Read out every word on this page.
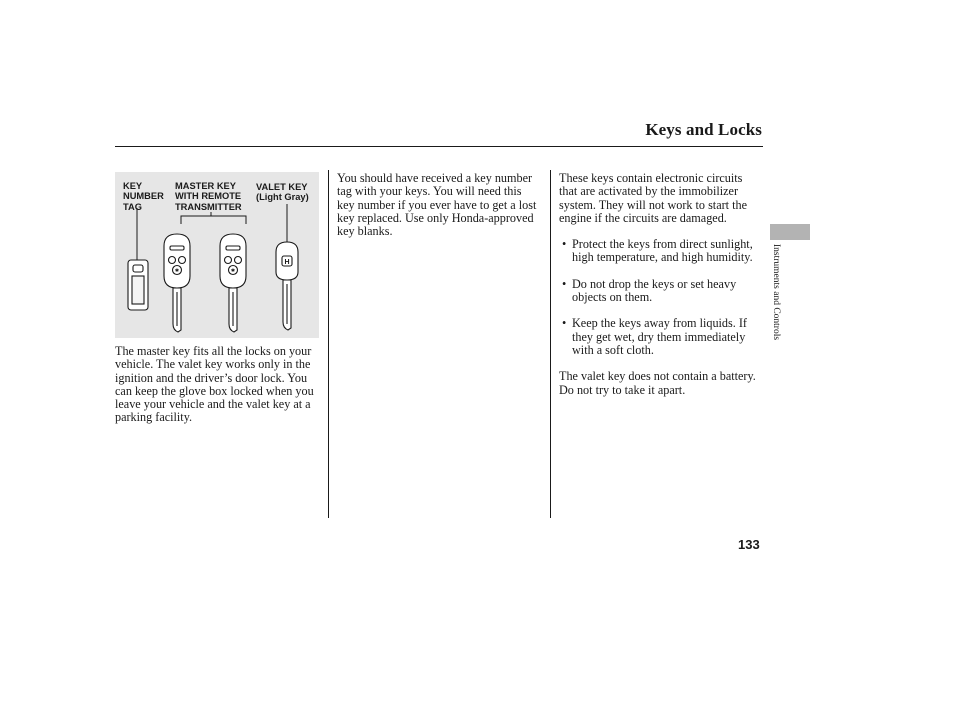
Keys and Locks
KEY
NUMBER
TAG
MASTER KEY
WITH REMOTE
TRANSMITTER
VALET KEY
(Light Gray)
✱	✱
H

The master key fits all the locks on your vehicle. The valet key works only in the ignition and the driver’s door lock. You can keep the glove box locked when you leave your vehicle and the valet key at a parking facility.

You should have received a key number tag with your keys. You will need this key number if you ever have to get a lost key replaced. Use only Honda-approved key blanks.

These keys contain electronic circuits that are activated by the immobilizer system. They will not work to start the engine if the circuits are damaged.

• Protect the keys from direct sunlight, high temperature, and high humidity.
• Do not drop the keys or set heavy objects on them.
• Keep the keys away from liquids. If they get wet, dry them immediately with a soft cloth.

The valet key does not contain a battery. Do not try to take it apart.

Instruments and Controls
133
